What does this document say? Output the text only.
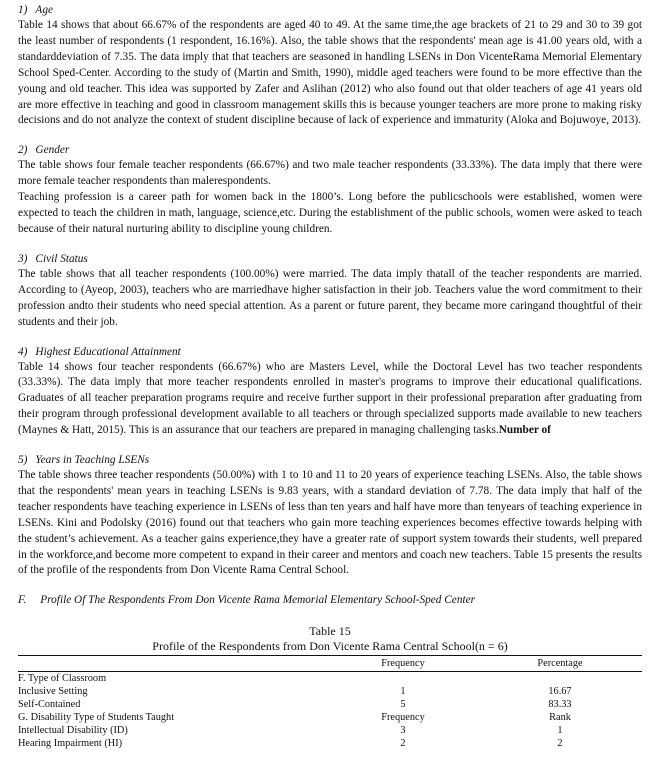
1) Age

Table 14 shows that about 66.67% of the respondents are aged 40 to 49. At the same time,the age brackets of 21 to 29 and 30 to 39 got the least number of respondents (1 respondent, 16.16%). Also, the table shows that the respondents' mean age is 41.00 years old, with a standarddeviation of 7.35. The data imply that that teachers are seasoned in handling LSENs in Don VicenteRama Memorial Elementary School Sped-Center. According to the study of (Martin and Smith, 1990), middle aged teachers were found to be more effective than the young and old teacher. This idea was supported by Zafer and Aslihan (2012) who also found out that older teachers of age 41 years old are more effective in teaching and good in classroom management skills this is because younger teachers are more prone to making risky decisions and do not analyze the context of student discipline because of lack of experience and immaturity (Aloka and Bojuwoye, 2013).

2) Gender

The table shows four female teacher respondents (66.67%) and two male teacher respondents (33.33%). The data imply that there were more female teacher respondents than malerespondents.

Teaching profession is a career path for women back in the 1800’s. Long before the publicschools were established, women were expected to teach the children in math, language, science,etc. During the establishment of the public schools, women were asked to teach because of their natural nurturing ability to discipline young children.

3) Civil Status

The table shows that all teacher respondents (100.00%) were married. The data imply thatall of the teacher respondents are married. According to (Ayeop, 2003), teachers who are marriedhave higher satisfaction in their job. Teachers value the word commitment to their profession andto their students who need special attention. As a parent or future parent, they became more caringand thoughtful of their students and their job.

4) Highest Educational Attainment

Table 14 shows four teacher respondents (66.67%) who are Masters Level, while the Doctoral Level has two teacher respondents (33.33%). The data imply that more teacher respondents enrolled in master's programs to improve their educational qualifications. Graduates of all teacher preparation programs require and receive further support in their professional preparation after graduating from their program through professional development available to all teachers or through specialized supports made available to new teachers (Maynes & Hatt, 2015). This is an assurance that our teachers are prepared in managing challenging tasks.Number of

5) Years in Teaching LSENs

The table shows three teacher respondents (50.00%) with 1 to 10 and 11 to 20 years of experience teaching LSENs. Also, the table shows that the respondents' mean years in teaching LSENs is 9.83 years, with a standard deviation of 7.78. The data imply that half of the teacher respondents have teaching experience in LSENs of less than ten years and half have more than tenyears of teaching experience in LSENs. Kini and Podolsky (2016) found out that teachers who gain more teaching experiences becomes effective towards helping with the student’s achievement. As a teacher gains experience,they have a greater rate of support system towards their students, well prepared in the workforce,and become more competent to expand in their career and mentors and coach new teachers. Table 15 presents the results of the profile of the respondents from Don Vicente Rama Central School.

F. Profile Of The Respondents From Don Vicente Rama Memorial Elementary School-Sped Center
Table 15
Profile of the Respondents from Don Vicente Rama Central School(n = 6)
	Frequency	Percentage
F. Type of Classroom		
Inclusive Setting	1	16.67
Self-Contained	5	83.33
G. Disability Type of Students Taught	Frequency	Rank
Intellectual Disability (ID)	3	1
Hearing Impairment (HI)	2	2
